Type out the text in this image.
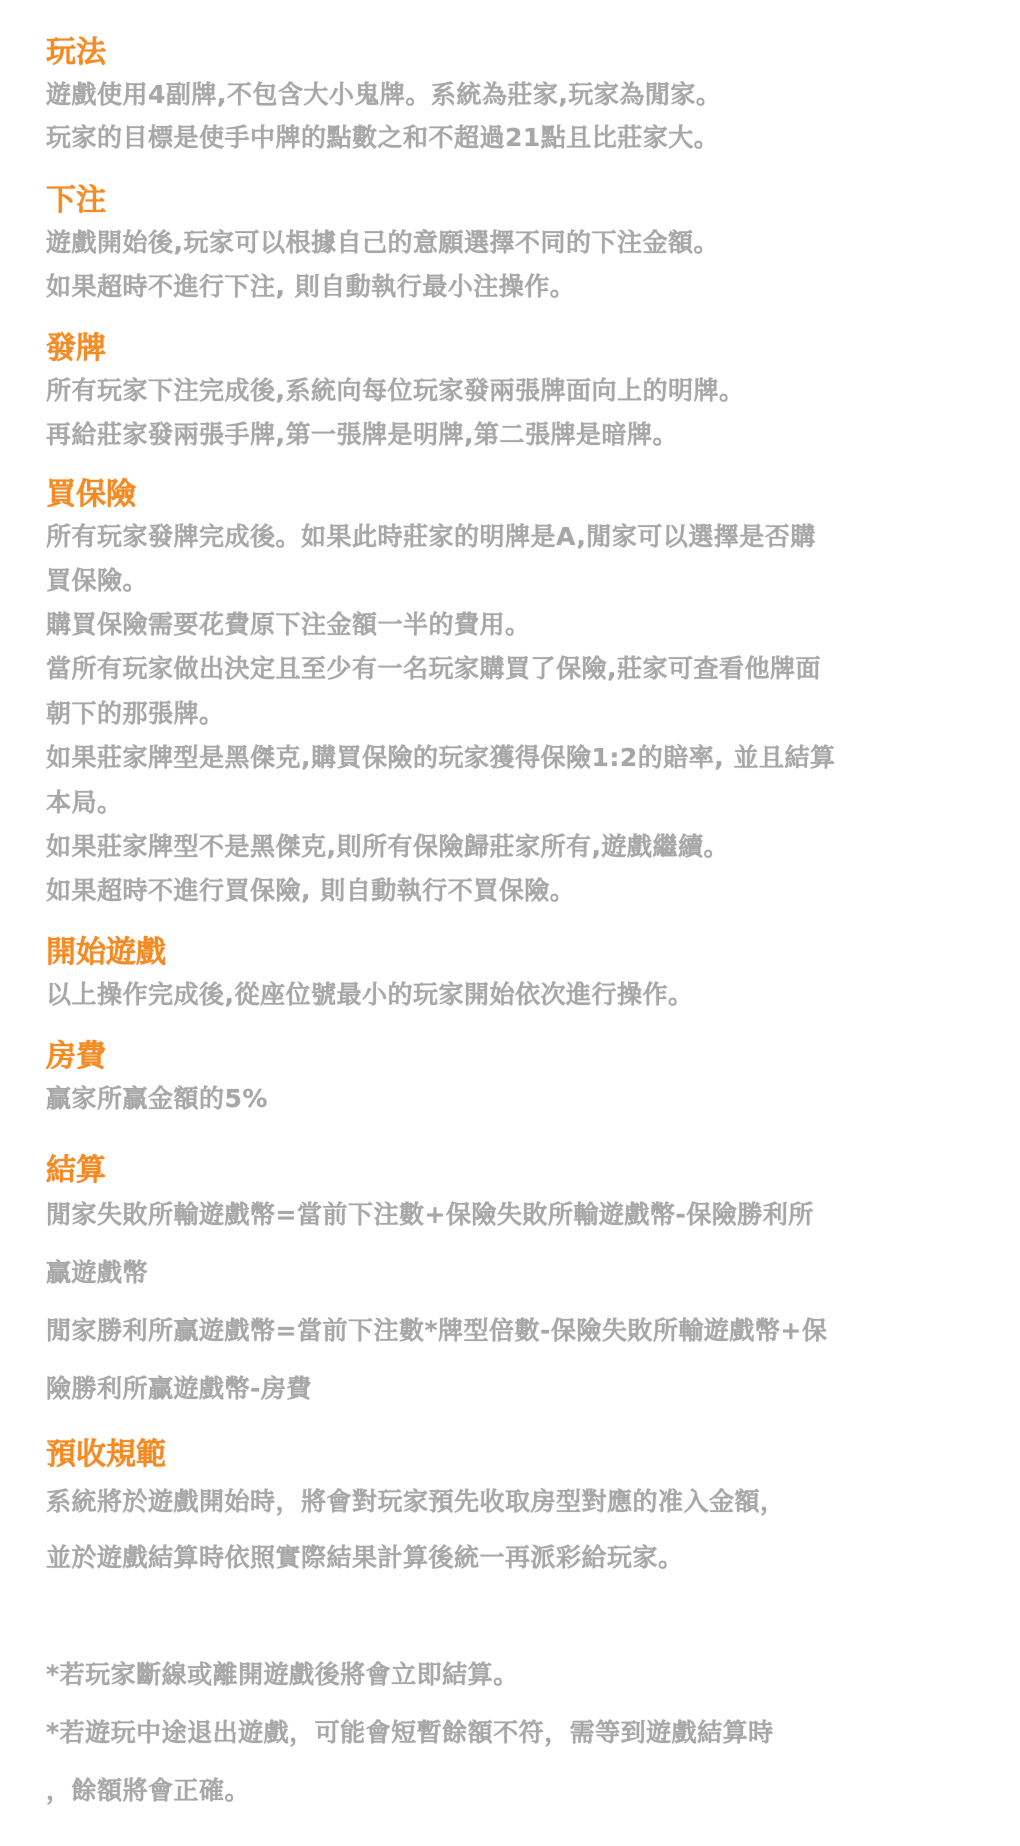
玩法
遊戲使用4副牌,不包含大小鬼牌。系統為莊家,玩家為閒家。
玩家的目標是使手中牌的點數之和不超過21點且比莊家大。
下注
遊戲開始後,玩家可以根據自己的意願選擇不同的下注金額。
如果超時不進行下注, 則自動執行最小注操作。
發牌
所有玩家下注完成後,系統向每位玩家發兩張牌面向上的明牌。
再給莊家發兩張手牌,第一張牌是明牌,第二張牌是暗牌。
買保險
所有玩家發牌完成後。如果此時莊家的明牌是A,閒家可以選擇是否購
買保險。
購買保險需要花費原下注金額一半的費用。
當所有玩家做出決定且至少有一名玩家購買了保險,莊家可查看他牌面
朝下的那張牌。
如果莊家牌型是黑傑克,購買保險的玩家獲得保險1:2的賠率, 並且結算
本局。
如果莊家牌型不是黑傑克,則所有保險歸莊家所有,遊戲繼續。
如果超時不進行買保險, 則自動執行不買保險。
開始遊戲
以上操作完成後,從座位號最小的玩家開始依次進行操作。
房費
贏家所贏金額的5%
結算
閒家失敗所輸遊戲幣=當前下注數+保險失敗所輸遊戲幣-保險勝利所
贏遊戲幣
閒家勝利所贏遊戲幣=當前下注數*牌型倍數-保險失敗所輸遊戲幣+保
險勝利所贏遊戲幣-房費
預收規範
系統將於遊戲開始時，將會對玩家預先收取房型對應的准入金額，
並於遊戲結算時依照實際結果計算後統一再派彩給玩家。
*若玩家斷線或離開遊戲後將會立即結算。
*若遊玩中途退出遊戲，可能會短暫餘額不符，需等到遊戲結算時
，餘額將會正確。
